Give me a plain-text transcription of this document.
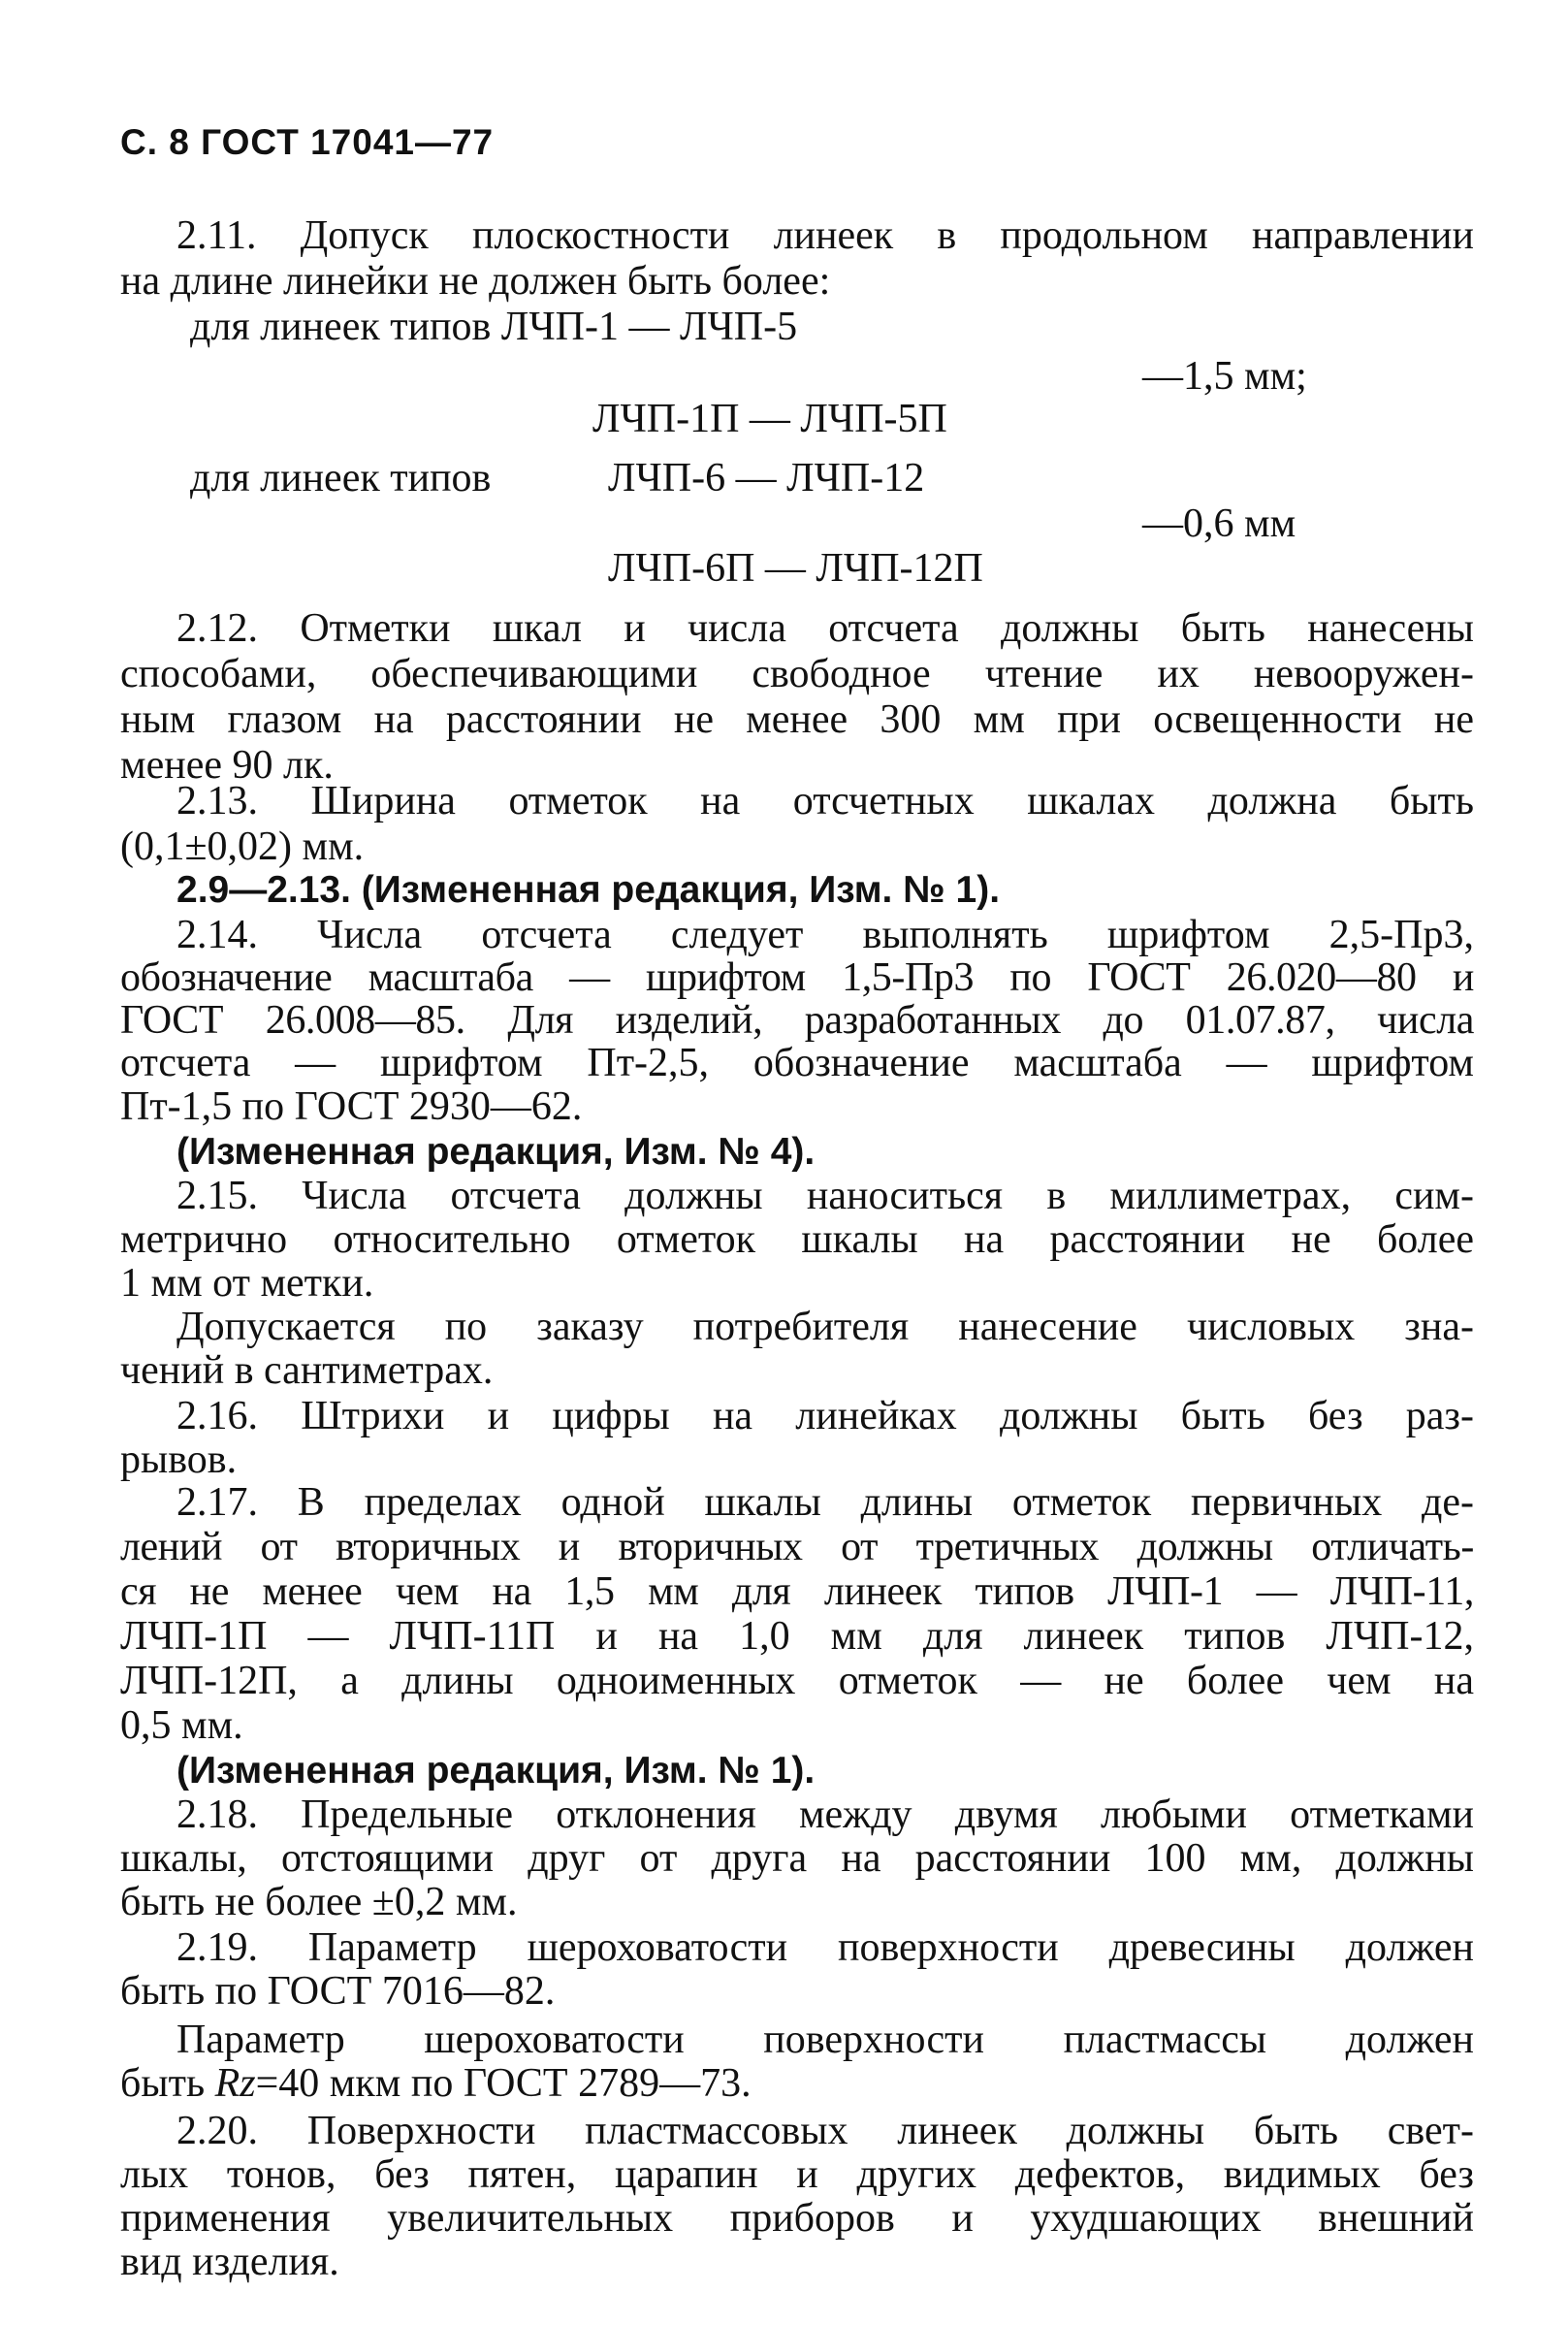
С. 8 ГОСТ 17041—77
2.11. Допуск плоскостности линеек в продольном направлении
на длине линейки не должен быть более:
для линеек типов ЛЧП-1 — ЛЧП-5
—1,5 мм;
ЛЧП-1П — ЛЧП-5П
для линеек типов	ЛЧП-6 — ЛЧП-12
—0,6 мм
ЛЧП-6П — ЛЧП-12П
2.12. Отметки шкал и числа отсчета должны быть нанесены
способами, обеспечивающими свободное чтение их невооружен-
ным глазом на расстоянии не менее 300 мм при освещенности не
менее 90 лк.
2.13. Ширина отметок на отсчетных шкалах должна быть
(0,1±0,02) мм.
2.9—2.13. (Измененная редакция, Изм. № 1).
2.14. Числа отсчета следует выполнять шрифтом 2,5-Пр3,
обозначение масштаба — шрифтом 1,5-Пр3 по ГОСТ 26.020—80 и
ГОСТ 26.008—85. Для изделий, разработанных до 01.07.87, числа
отсчета — шрифтом Пт-2,5, обозначение масштаба — шрифтом
Пт-1,5 по ГОСТ 2930—62.
(Измененная редакция, Изм. № 4).
2.15. Числа отсчета должны наноситься в миллиметрах, сим-
метрично относительно отметок шкалы на расстоянии не более
1 мм от метки.
Допускается по заказу потребителя нанесение числовых зна-
чений в сантиметрах.
2.16. Штрихи и цифры на линейках должны быть без раз-
рывов.
2.17. В пределах одной шкалы длины отметок первичных де-
лений от вторичных и вторичных от третичных должны отличать-
ся не менее чем на 1,5 мм для линеек типов ЛЧП-1 — ЛЧП-11,
ЛЧП-1П — ЛЧП-11П и на 1,0 мм для линеек типов ЛЧП-12,
ЛЧП-12П, а длины одноименных отметок — не более чем на
0,5 мм.
(Измененная редакция, Изм. № 1).
2.18. Предельные отклонения между двумя любыми отметками
шкалы, отстоящими друг от друга на расстоянии 100 мм, должны
быть не более ±0,2 мм.
2.19. Параметр шероховатости поверхности древесины должен
быть по ГОСТ 7016—82.
Параметр шероховатости поверхности пластмассы должен
быть Rz=40 мкм по ГОСТ 2789—73.
2.20. Поверхности пластмассовых линеек должны быть свет-
лых тонов, без пятен, царапин и других дефектов, видимых без
применения увеличительных приборов и ухудшающих внешний
вид изделия.
